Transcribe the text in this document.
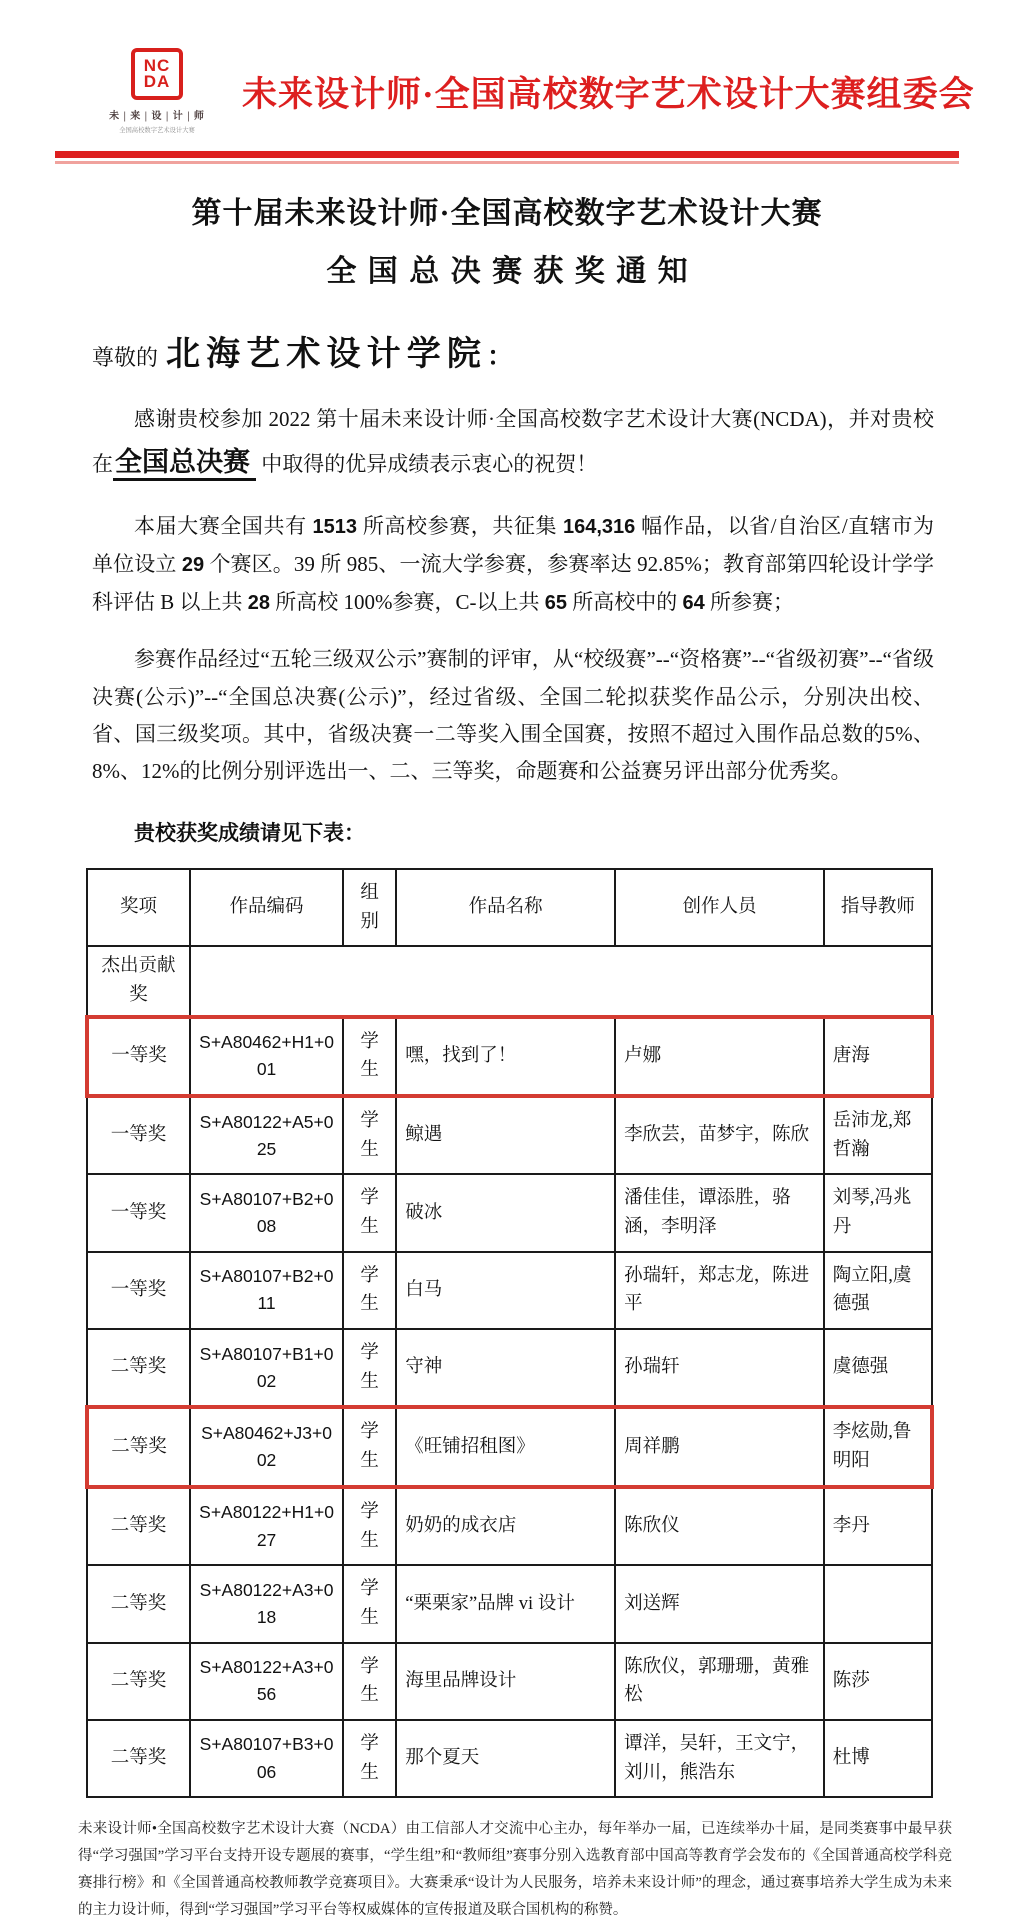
NC
DA
未 | 来 | 设 | 计 | 师
全国高校数字艺术设计大赛
未来设计师·全国高校数字艺术设计大赛组委会
第十届未来设计师·全国高校数字艺术设计大赛
全国总决赛获奖通知
尊敬的 北海艺术设计学院 ：

感谢贵校参加 2022 第十届未来设计师·全国高校数字艺术设计大赛(NCDA)，并对贵校在全国总决赛 中取得的优异成绩表示衷心的祝贺！

本届大赛全国共有 1513 所高校参赛，共征集 164,316 幅作品，以省/自治区/直辖市为单位设立 29 个赛区。39 所 985、一流大学参赛，参赛率达 92.85%；教育部第四轮设计学学科评估 B 以上共 28 所高校 100%参赛，C-以上共 65 所高校中的 64 所参赛；

参赛作品经过“五轮三级双公示”赛制的评审，从“校级赛”--“资格赛”--“省级初赛”--“省级决赛(公示)”--“全国总决赛(公示)”，经过省级、全国二轮拟获奖作品公示，分别决出校、省、国三级奖项。其中，省级决赛一二等奖入围全国赛，按照不超过入围作品总数的5%、8%、12%的比例分别评选出一、二、三等奖，命题赛和公益赛另评出部分优秀奖。

贵校获奖成绩请见下表：

奖项	作品编码	组别	作品名称	创作人员	指导教师
杰出贡献奖					
一等奖	S+A80462+H1+001	学生	嘿，找到了！	卢娜	唐海
一等奖	S+A80122+A5+025	学生	鲸遇	李欣芸，苗梦宇，陈欣	岳沛龙,郑哲瀚
一等奖	S+A80107+B2+008	学生	破冰	潘佳佳，谭添胜，骆涵，李明泽	刘琴,冯兆丹
一等奖	S+A80107+B2+011	学生	白马	孙瑞轩，郑志龙，陈进平	陶立阳,虞德强
二等奖	S+A80107+B1+002	学生	守神	孙瑞轩	虞德强
二等奖	S+A80462+J3+002	学生	《旺铺招租图》	周祥鹏	李炫勋,鲁明阳
二等奖	S+A80122+H1+027	学生	奶奶的成衣店	陈欣仪	李丹
二等奖	S+A80122+A3+018	学生	“栗栗家”品牌 vi 设计	刘送辉	
二等奖	S+A80122+A3+056	学生	海里品牌设计	陈欣仪，郭珊珊，黄雅松	陈莎
二等奖	S+A80107+B3+006	学生	那个夏天	谭洋，吴轩，王文宁，刘川，熊浩东	杜博

未来设计师•全国高校数字艺术设计大赛（NCDA）由工信部人才交流中心主办，每年举办一届，已连续举办十届，是同类赛事中最早获得“学习强国”学习平台支持开设专题展的赛事，“学生组”和“教师组”赛事分别入选教育部中国高等教育学会发布的《全国普通高校学科竞赛排行榜》和《全国普通高校教师教学竞赛项目》。大赛秉承“设计为人民服务，培养未来设计师”的理念，通过赛事培养大学生成为未来的主力设计师，得到“学习强国”学习平台等权威媒体的宣传报道及联合国机构的称赞。
